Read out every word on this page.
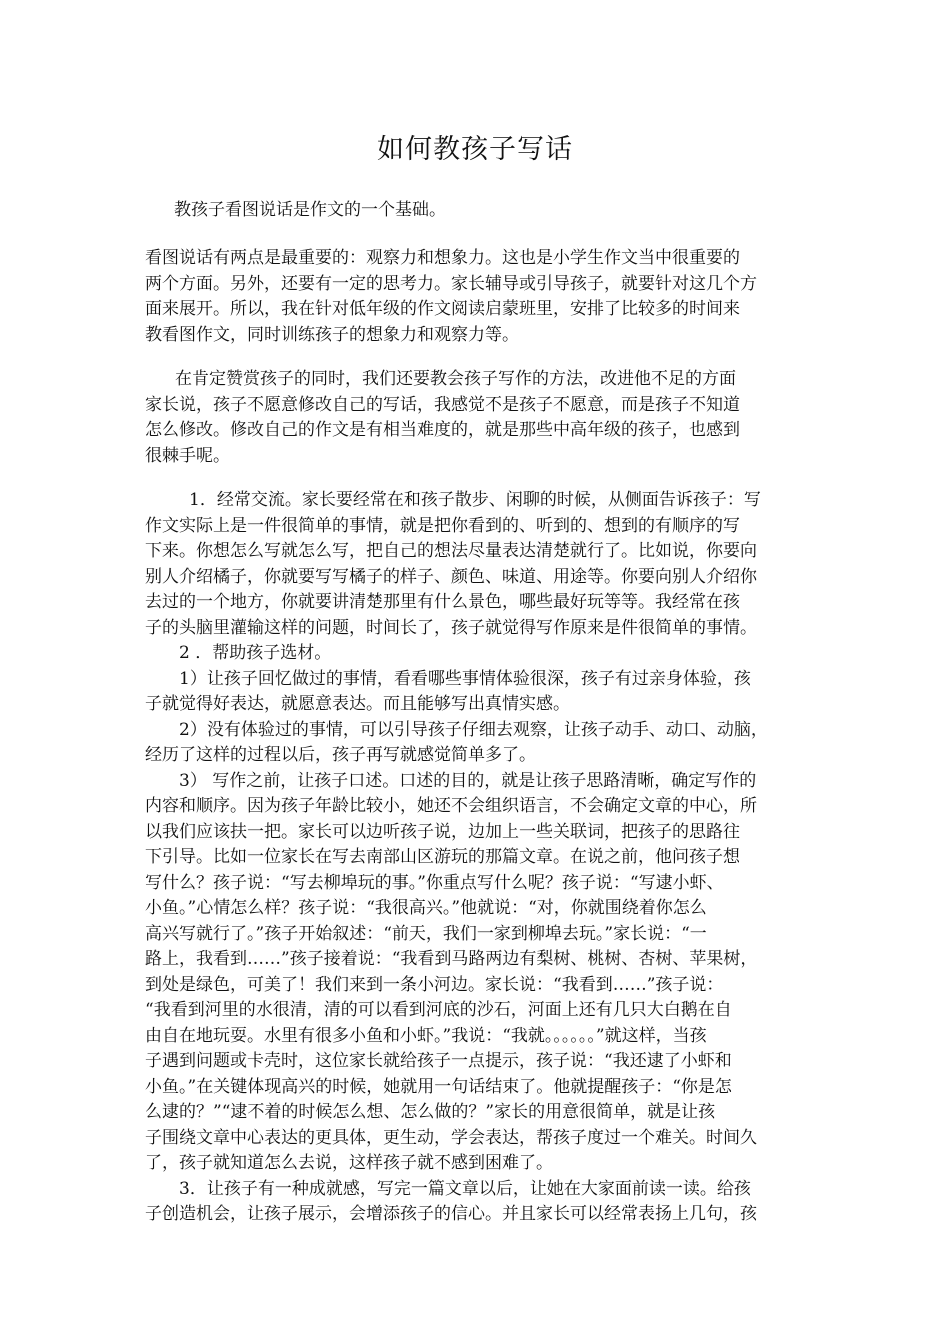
如何教孩子写话
教孩子看图说话是作文的一个基础。
看图说话有两点是最重要的：观察力和想象力。这也是小学生作文当中很重要的
两个方面。另外，还要有一定的思考力。家长辅导或引导孩子，就要针对这几个方
面来展开。所以，我在针对低年级的作文阅读启蒙班里，安排了比较多的时间来
教看图作文，同时训练孩子的想象力和观察力等。
在肯定赞赏孩子的同时，我们还要教会孩子写作的方法，改进他不足的方面
家长说，孩子不愿意修改自己的写话，我感觉不是孩子不愿意，而是孩子不知道
怎么修改。修改自己的作文是有相当难度的，就是那些中高年级的孩子，也感到
很棘手呢。
1．经常交流。家长要经常在和孩子散步、闲聊的时候，从侧面告诉孩子：写
作文实际上是一件很简单的事情，就是把你看到的、听到的、想到的有顺序的写
下来。你想怎么写就怎么写，把自己的想法尽量表达清楚就行了。比如说，你要向
别人介绍橘子，你就要写写橘子的样子、颜色、味道、用途等。你要向别人介绍你
去过的一个地方，你就要讲清楚那里有什么景色，哪些最好玩等等。我经常在孩
子的头脑里灌输这样的问题，时间长了，孩子就觉得写作原来是件很简单的事情。
2 ．帮助孩子选材。
1）让孩子回忆做过的事情，看看哪些事情体验很深，孩子有过亲身体验，孩
子就觉得好表达，就愿意表达。而且能够写出真情实感。
2）没有体验过的事情，可以引导孩子仔细去观察，让孩子动手、动口、动脑，
经历了这样的过程以后，孩子再写就感觉简单多了。
3） 写作之前，让孩子口述。口述的目的，就是让孩子思路清晰，确定写作的
内容和顺序。因为孩子年龄比较小，她还不会组织语言，不会确定文章的中心，所
以我们应该扶一把。家长可以边听孩子说，边加上一些关联词，把孩子的思路往
下引导。比如一位家长在写去南部山区游玩的那篇文章。在说之前，他问孩子想
写什么？孩子说：“写去柳埠玩的事。”你重点写什么呢？孩子说：“写逮小虾、
小鱼。”心情怎么样？孩子说：“我很高兴。”他就说：“对，你就围绕着你怎么
高兴写就行了。”孩子开始叙述：“前天，我们一家到柳埠去玩。”家长说：“一
路上，我看到……”孩子接着说：“我看到马路两边有梨树、桃树、杏树、苹果树，
到处是绿色，可美了！我们来到一条小河边。家长说：“我看到……”孩子说：
“我看到河里的水很清，清的可以看到河底的沙石，河面上还有几只大白鹅在自
由自在地玩耍。水里有很多小鱼和小虾。”我说：“我就。。。。。。”就这样，当孩
子遇到问题或卡壳时，这位家长就给孩子一点提示，孩子说：“我还逮了小虾和
小鱼。”在关键体现高兴的时候，她就用一句话结束了。他就提醒孩子：“你是怎
么逮的？”“逮不着的时候怎么想、怎么做的？”家长的用意很简单，就是让孩
子围绕文章中心表达的更具体，更生动，学会表达，帮孩子度过一个难关。时间久
了，孩子就知道怎么去说，这样孩子就不感到困难了。
3．让孩子有一种成就感，写完一篇文章以后，让她在大家面前读一读。给孩
子创造机会，让孩子展示，会增添孩子的信心。并且家长可以经常表扬上几句，孩
